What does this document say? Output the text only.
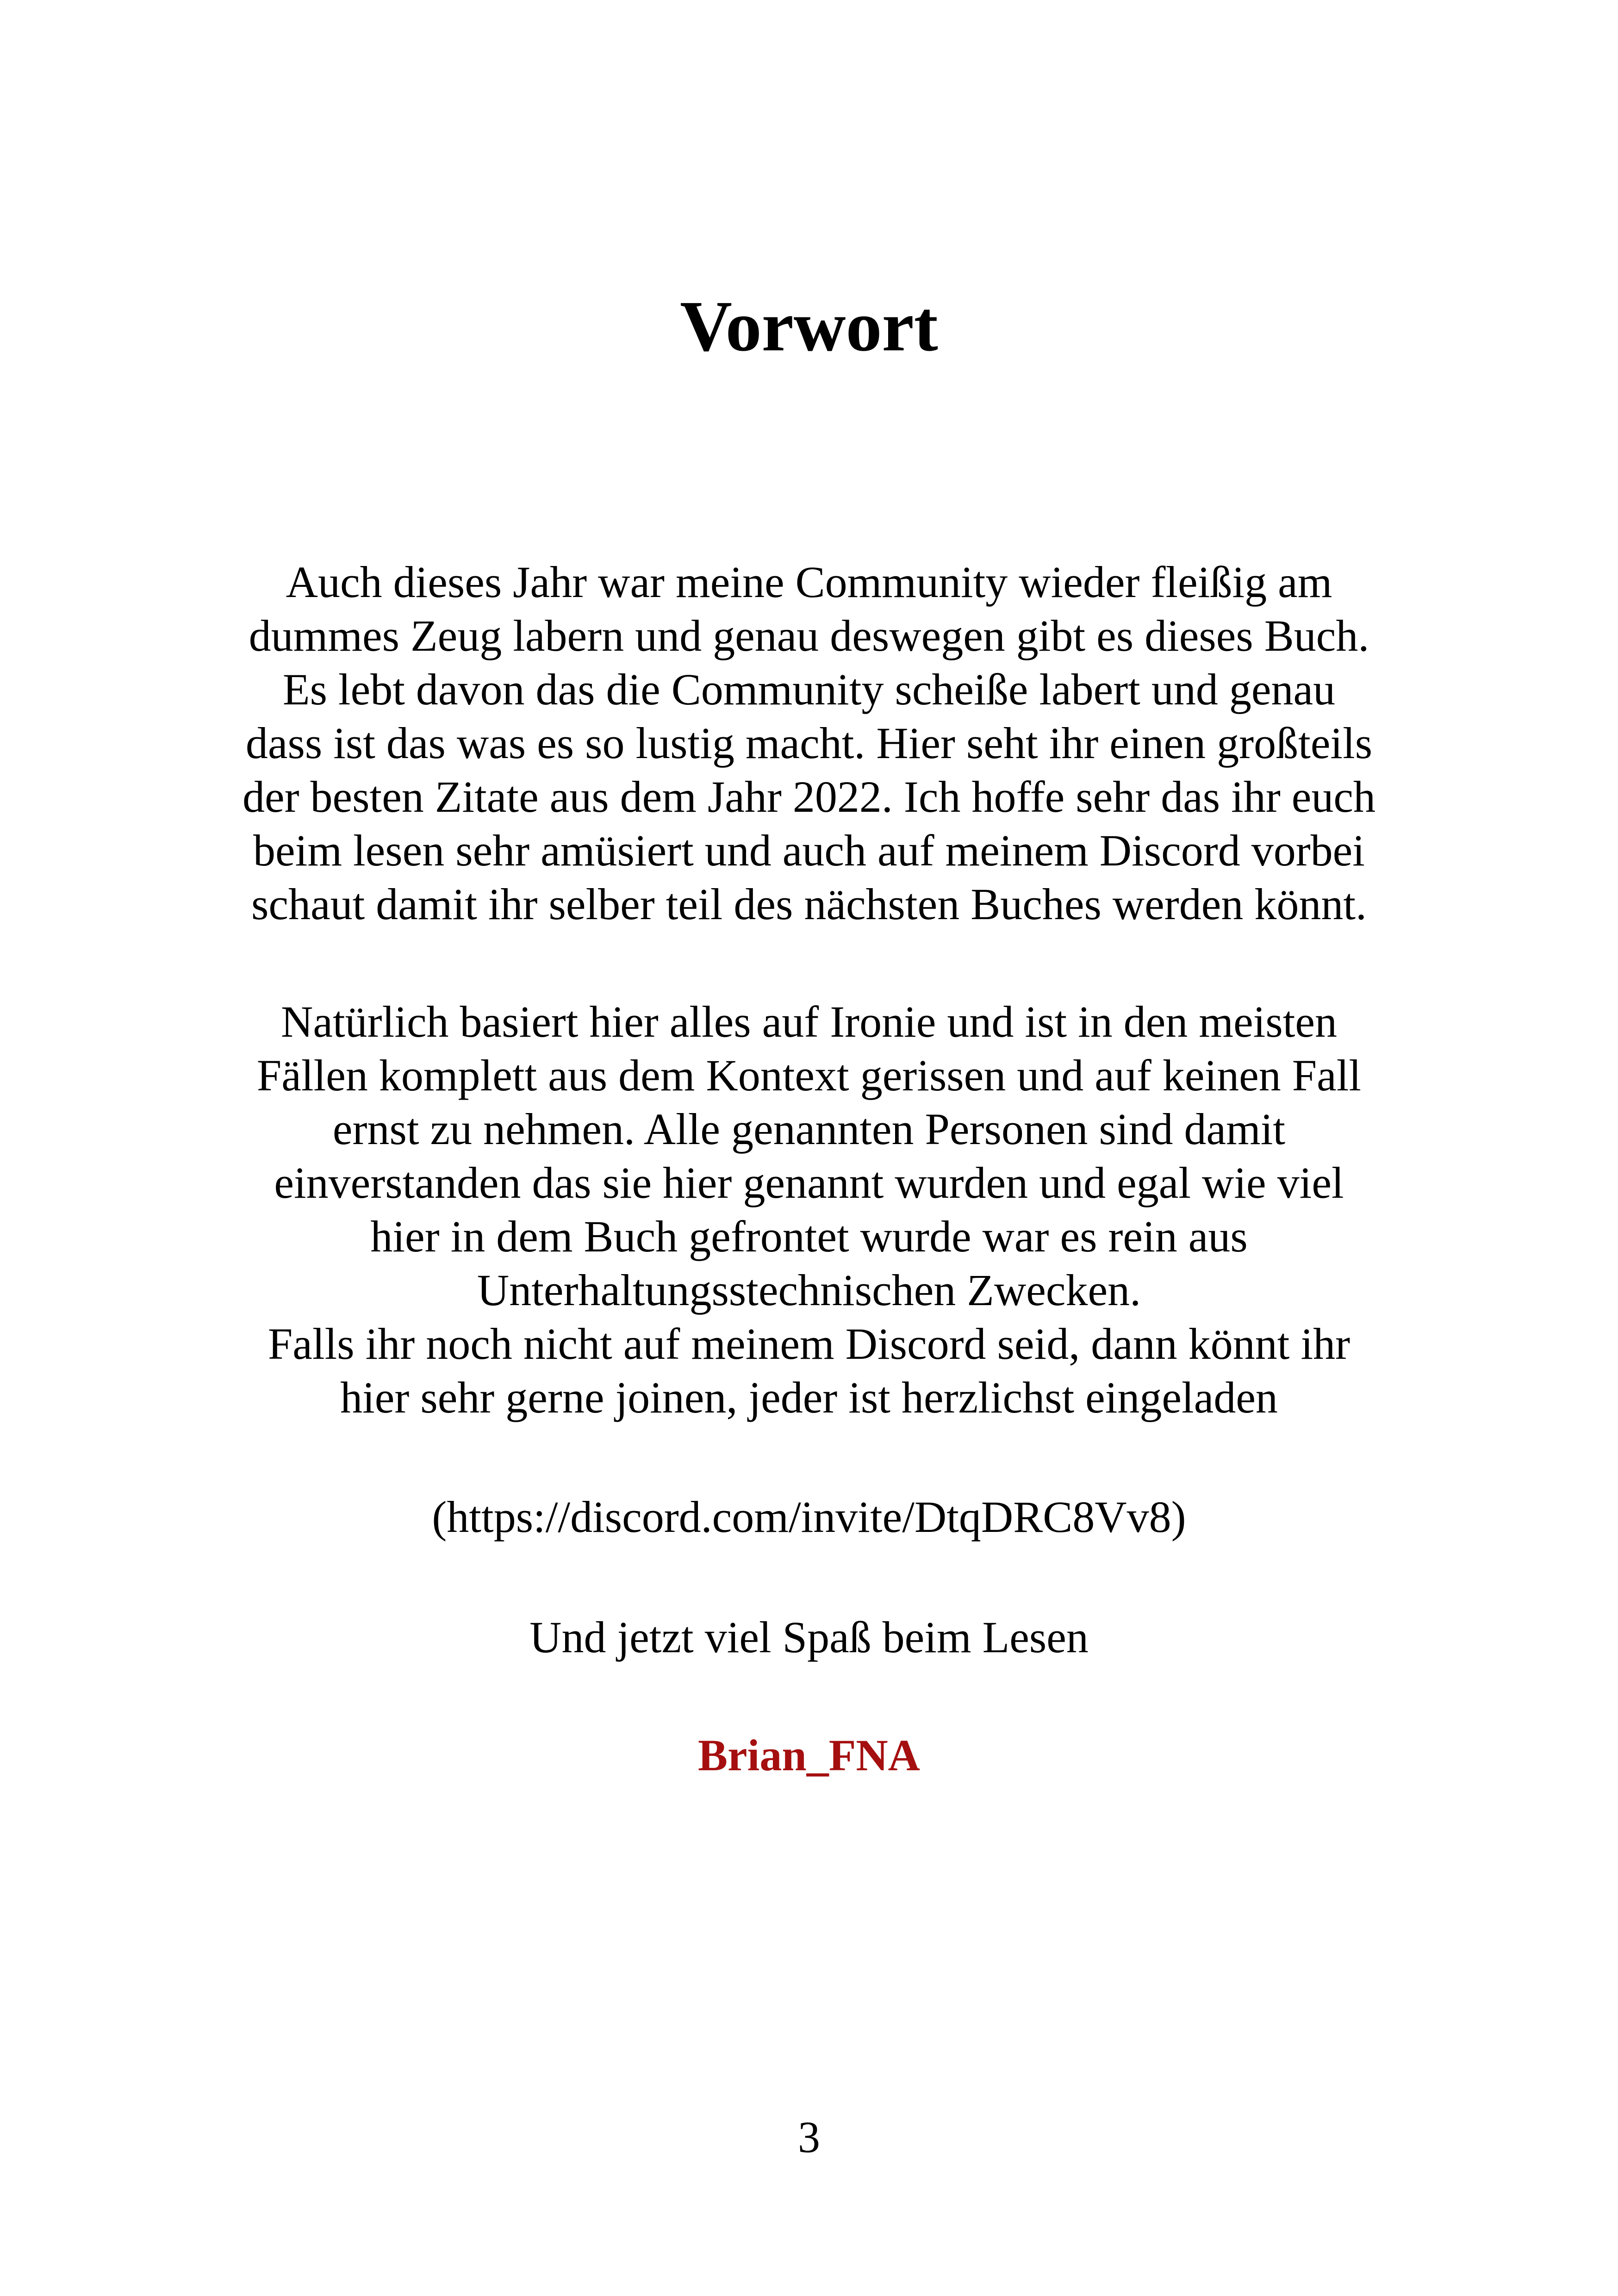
Vorwort
Auch dieses Jahr war meine Community wieder fleißig am
dummes Zeug labern und genau deswegen gibt es dieses Buch.
Es lebt davon das die Community scheiße labert und genau
dass ist das was es so lustig macht. Hier seht ihr einen großteils
der besten Zitate aus dem Jahr 2022. Ich hoffe sehr das ihr euch
beim lesen sehr amüsiert und auch auf meinem Discord vorbei
schaut damit ihr selber teil des nächsten Buches werden könnt.
Natürlich basiert hier alles auf Ironie und ist in den meisten
Fällen komplett aus dem Kontext gerissen und auf keinen Fall
ernst zu nehmen. Alle genannten Personen sind damit
einverstanden das sie hier genannt wurden und egal wie viel
hier in dem Buch gefrontet wurde war es rein aus
Unterhaltungsstechnischen Zwecken.
Falls ihr noch nicht auf meinem Discord seid, dann könnt ihr
hier sehr gerne joinen, jeder ist herzlichst eingeladen
(https://discord.com/invite/DtqDRC8Vv8)
Und jetzt viel Spaß beim Lesen
Brian_FNA
3
